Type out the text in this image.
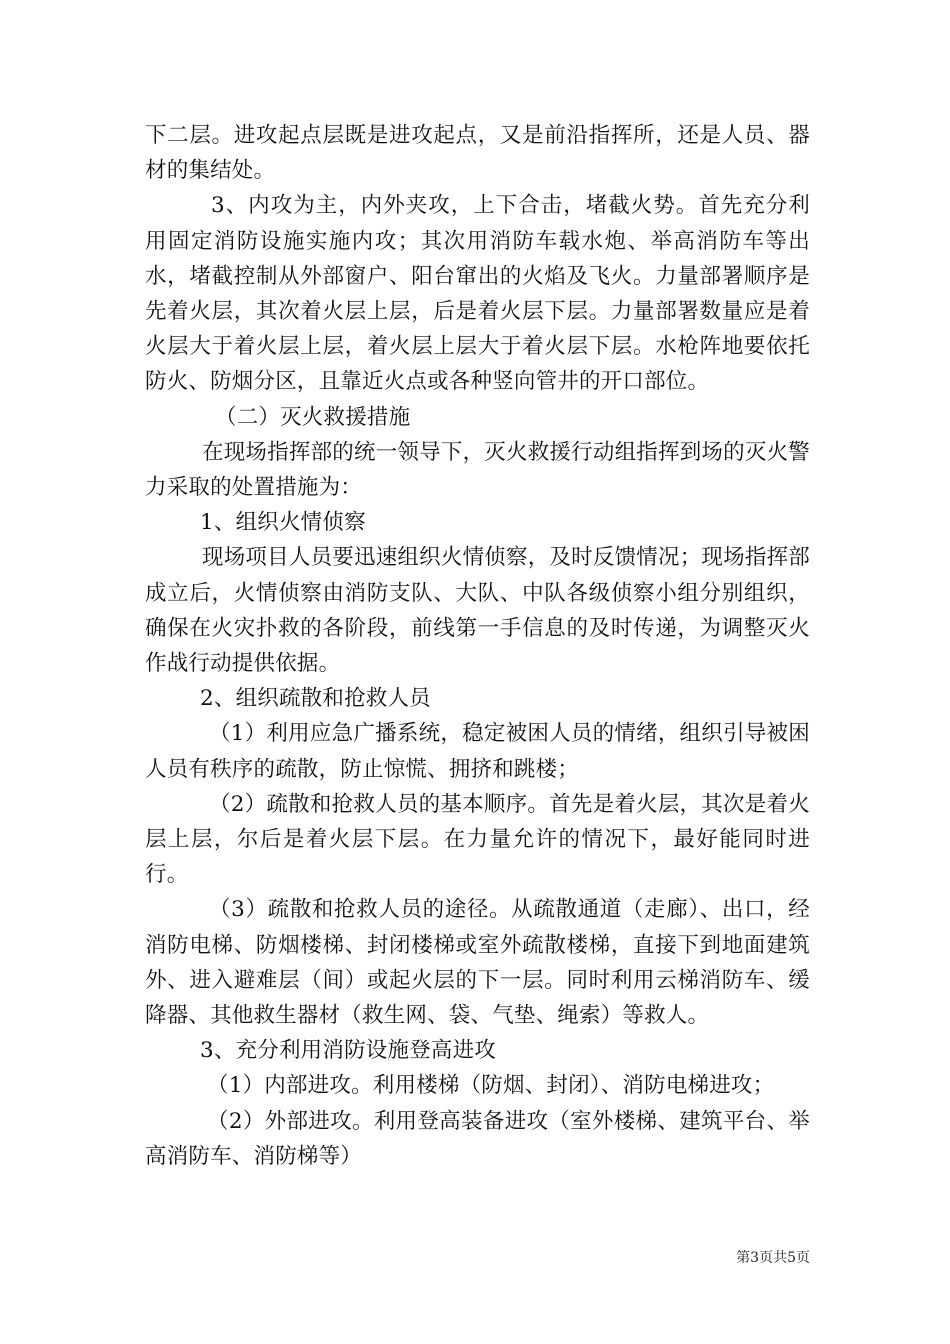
下二层。进攻起点层既是进攻起点，又是前沿指挥所，还是人员、器材的集结处。

3、内攻为主，内外夹攻，上下合击，堵截火势。首先充分利用固定消防设施实施内攻；其次用消防车载水炮、举高消防车等出水，堵截控制从外部窗户、阳台窜出的火焰及飞火。力量部署顺序是先着火层，其次着火层上层，后是着火层下层。力量部署数量应是着火层大于着火层上层，着火层上层大于着火层下层。水枪阵地要依托防火、防烟分区，且靠近火点或各种竖向管井的开口部位。

（二）灭火救援措施

在现场指挥部的统一领导下，灭火救援行动组指挥到场的灭火警力采取的处置措施为：

1、组织火情侦察

现场项目人员要迅速组织火情侦察，及时反馈情况；现场指挥部成立后，火情侦察由消防支队、大队、中队各级侦察小组分别组织，确保在火灾扑救的各阶段，前线第一手信息的及时传递，为调整灭火作战行动提供依据。

2、组织疏散和抢救人员

（1）利用应急广播系统，稳定被困人员的情绪，组织引导被困人员有秩序的疏散，防止惊慌、拥挤和跳楼；

（2）疏散和抢救人员的基本顺序。首先是着火层，其次是着火层上层，尔后是着火层下层。在力量允许的情况下，最好能同时进行。

（3）疏散和抢救人员的途径。从疏散通道（走廊）、出口，经消防电梯、防烟楼梯、封闭楼梯或室外疏散楼梯，直接下到地面建筑外、进入避难层（间）或起火层的下一层。同时利用云梯消防车、缓降器、其他救生器材（救生网、袋、气垫、绳索）等救人。

3、充分利用消防设施登高进攻

（1）内部进攻。利用楼梯（防烟、封闭）、消防电梯进攻；

（2）外部进攻。利用登高装备进攻（室外楼梯、建筑平台、举高消防车、消防梯等）

第3页共5页
